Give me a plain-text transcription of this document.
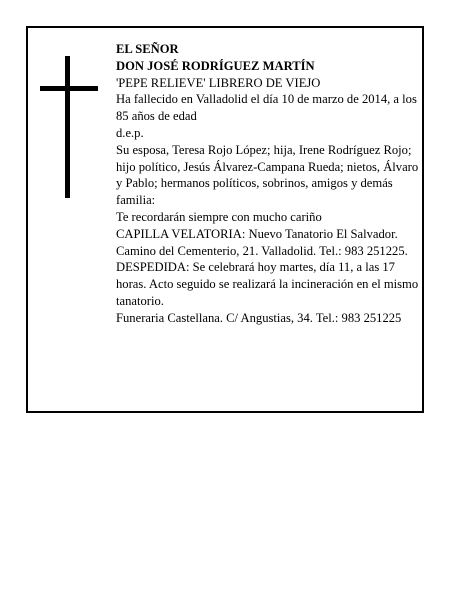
EL SEÑOR

DON JOSÉ RODRÍGUEZ MARTÍN

'PEPE RELIEVE' LIBRERO DE VIEJO

Ha fallecido en Valladolid el día 10 de marzo de 2014, a los 85 años de edad

d.e.p.

Su esposa, Teresa Rojo López; hija, Irene Rodríguez Rojo; hijo político, Jesús Álvarez-Campana Rueda; nietos, Álvaro y Pablo; hermanos políticos, sobrinos, amigos y demás familia:

Te recordarán siempre con mucho cariño

CAPILLA VELATORIA: Nuevo Tanatorio El Salvador. Camino del Cementerio, 21. Valladolid. Tel.: 983 251225.

DESPEDIDA: Se celebrará hoy martes, día 11, a las 17 horas. Acto seguido se realizará la incineración en el mismo tanatorio.

Funeraria Castellana. C/ Angustias, 34. Tel.: 983 251225
